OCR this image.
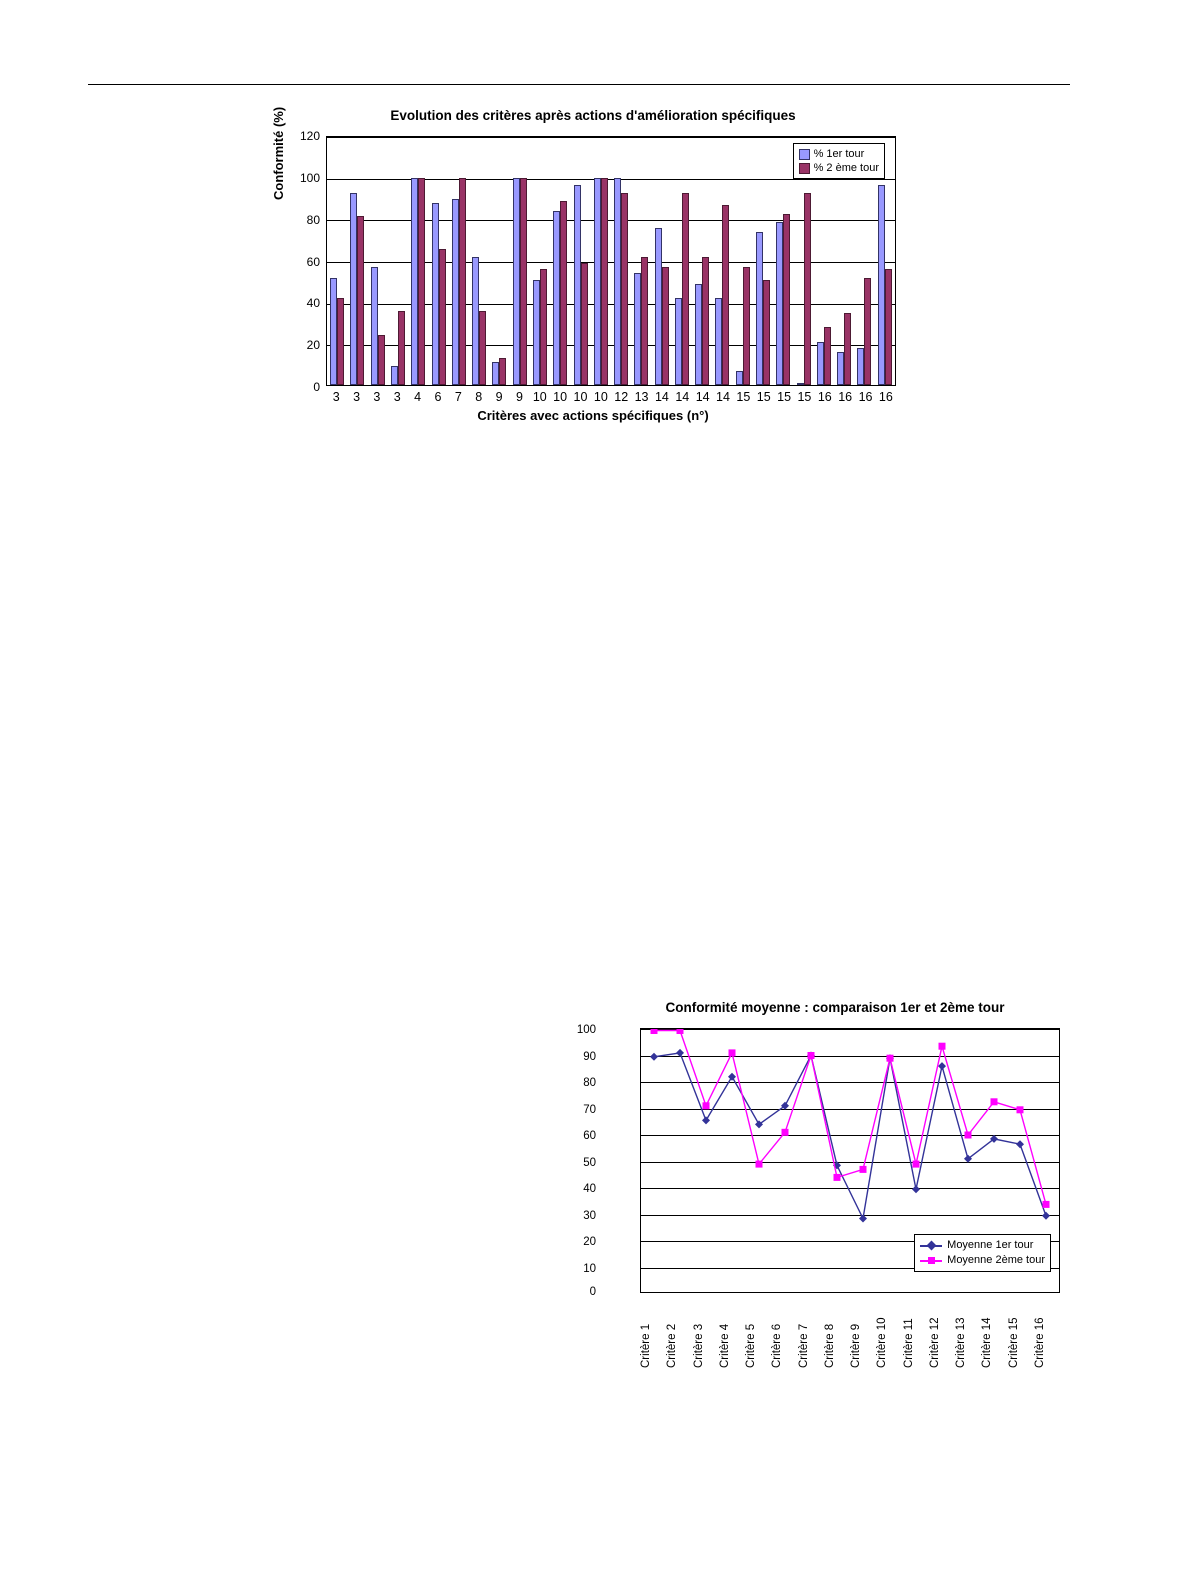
Evolution des critères après actions d'amélioration spécifiques
Conformité (%)	% 1er tour
% 2 ème tour
0
20
40
60
80
100
120
3	3	3	3	4	6	7	8	9	9 10 10 10 10 12 13 14 14 14 14 15 15 15 15 16 16 16 16
Critères avec actions spécifiques (n°)
Conformité moyenne : comparaison 1er et 2ème tour
Moyenne 1er tour
Moyenne 2ème tour
100
90
80
70
60
50
40
30
20
10
0
Critère 1	Critère 2	Critère 3	Critère 4	Critère 5	Critère 6	Critère 7	Critère 8	Critère 9	Critère 10	Critère 11	Critère 12	Critère 13	Critère 14	Critère 15	Critère 16
